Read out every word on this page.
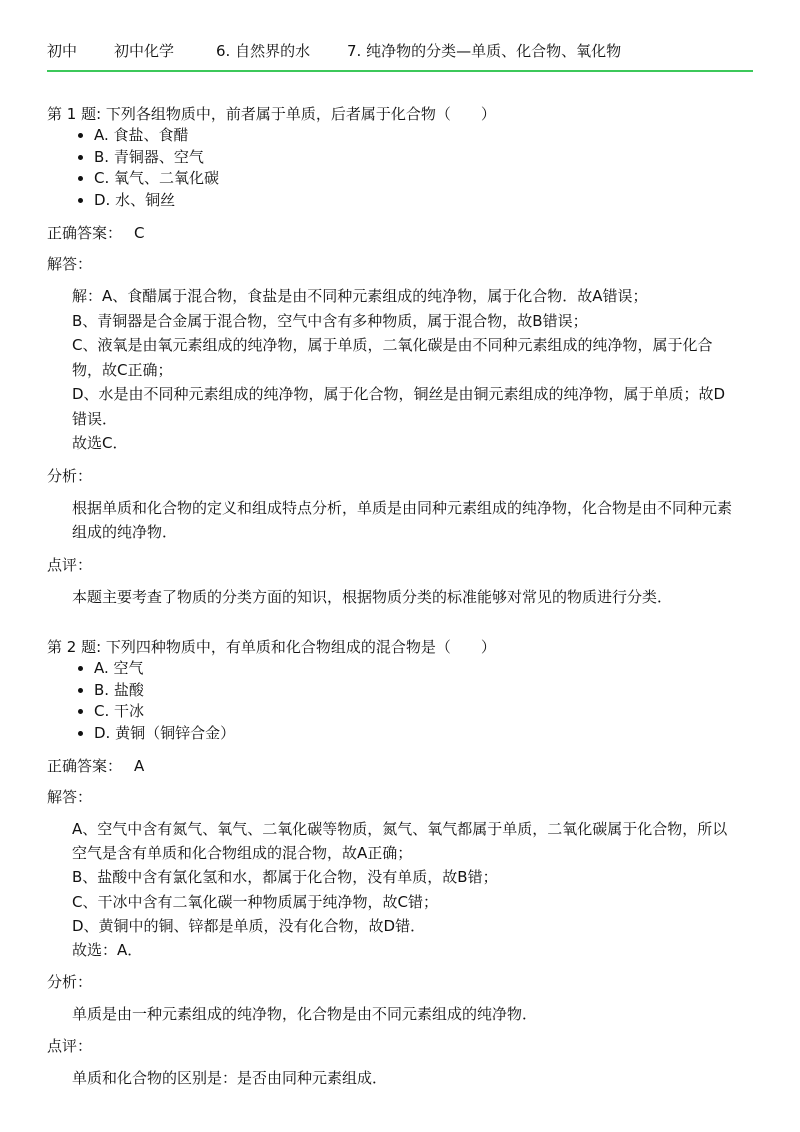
初中 初中化学	6. 自然界的水 7. 纯净物的分类—单质、化合物、氧化物
第 1 题: 下列各组物质中，前者属于单质，后者属于化合物（　　）
• A. 食盐、食醋
• B. 青铜器、空气
• C. 氧气、二氧化碳
• D. 水、铜丝
正确答案： C
解答：

解：A、食醋属于混合物，食盐是由不同种元素组成的纯净物，属于化合物．故A错误；

B、青铜器是合金属于混合物，空气中含有多种物质，属于混合物，故B错误；

C、液氧是由氧元素组成的纯净物，属于单质，二氧化碳是由不同种元素组成的纯净物，属于化合物，故C正确；

D、水是由不同种元素组成的纯净物，属于化合物，铜丝是由铜元素组成的纯净物，属于单质；故D错误．

故选C．

分析：

根据单质和化合物的定义和组成特点分析，单质是由同种元素组成的纯净物，化合物是由不同种元素组成的纯净物．

点评：

本题主要考查了物质的分类方面的知识，根据物质分类的标准能够对常见的物质进行分类．

第 2 题: 下列四种物质中，有单质和化合物组成的混合物是（　　）
• A. 空气
• B. 盐酸
• C. 干冰
• D. 黄铜（铜锌合金）
正确答案： A
解答：

A、空气中含有氮气、氧气、二氧化碳等物质，氮气、氧气都属于单质，二氧化碳属于化合物，所以空气是含有单质和化合物组成的混合物，故A正确；

B、盐酸中含有氯化氢和水，都属于化合物，没有单质，故B错；

C、干冰中含有二氧化碳一种物质属于纯净物，故C错；

D、黄铜中的铜、锌都是单质，没有化合物，故D错．

故选：A．

分析：

单质是由一种元素组成的纯净物，化合物是由不同元素组成的纯净物．

点评：

单质和化合物的区别是：是否由同种元素组成．
